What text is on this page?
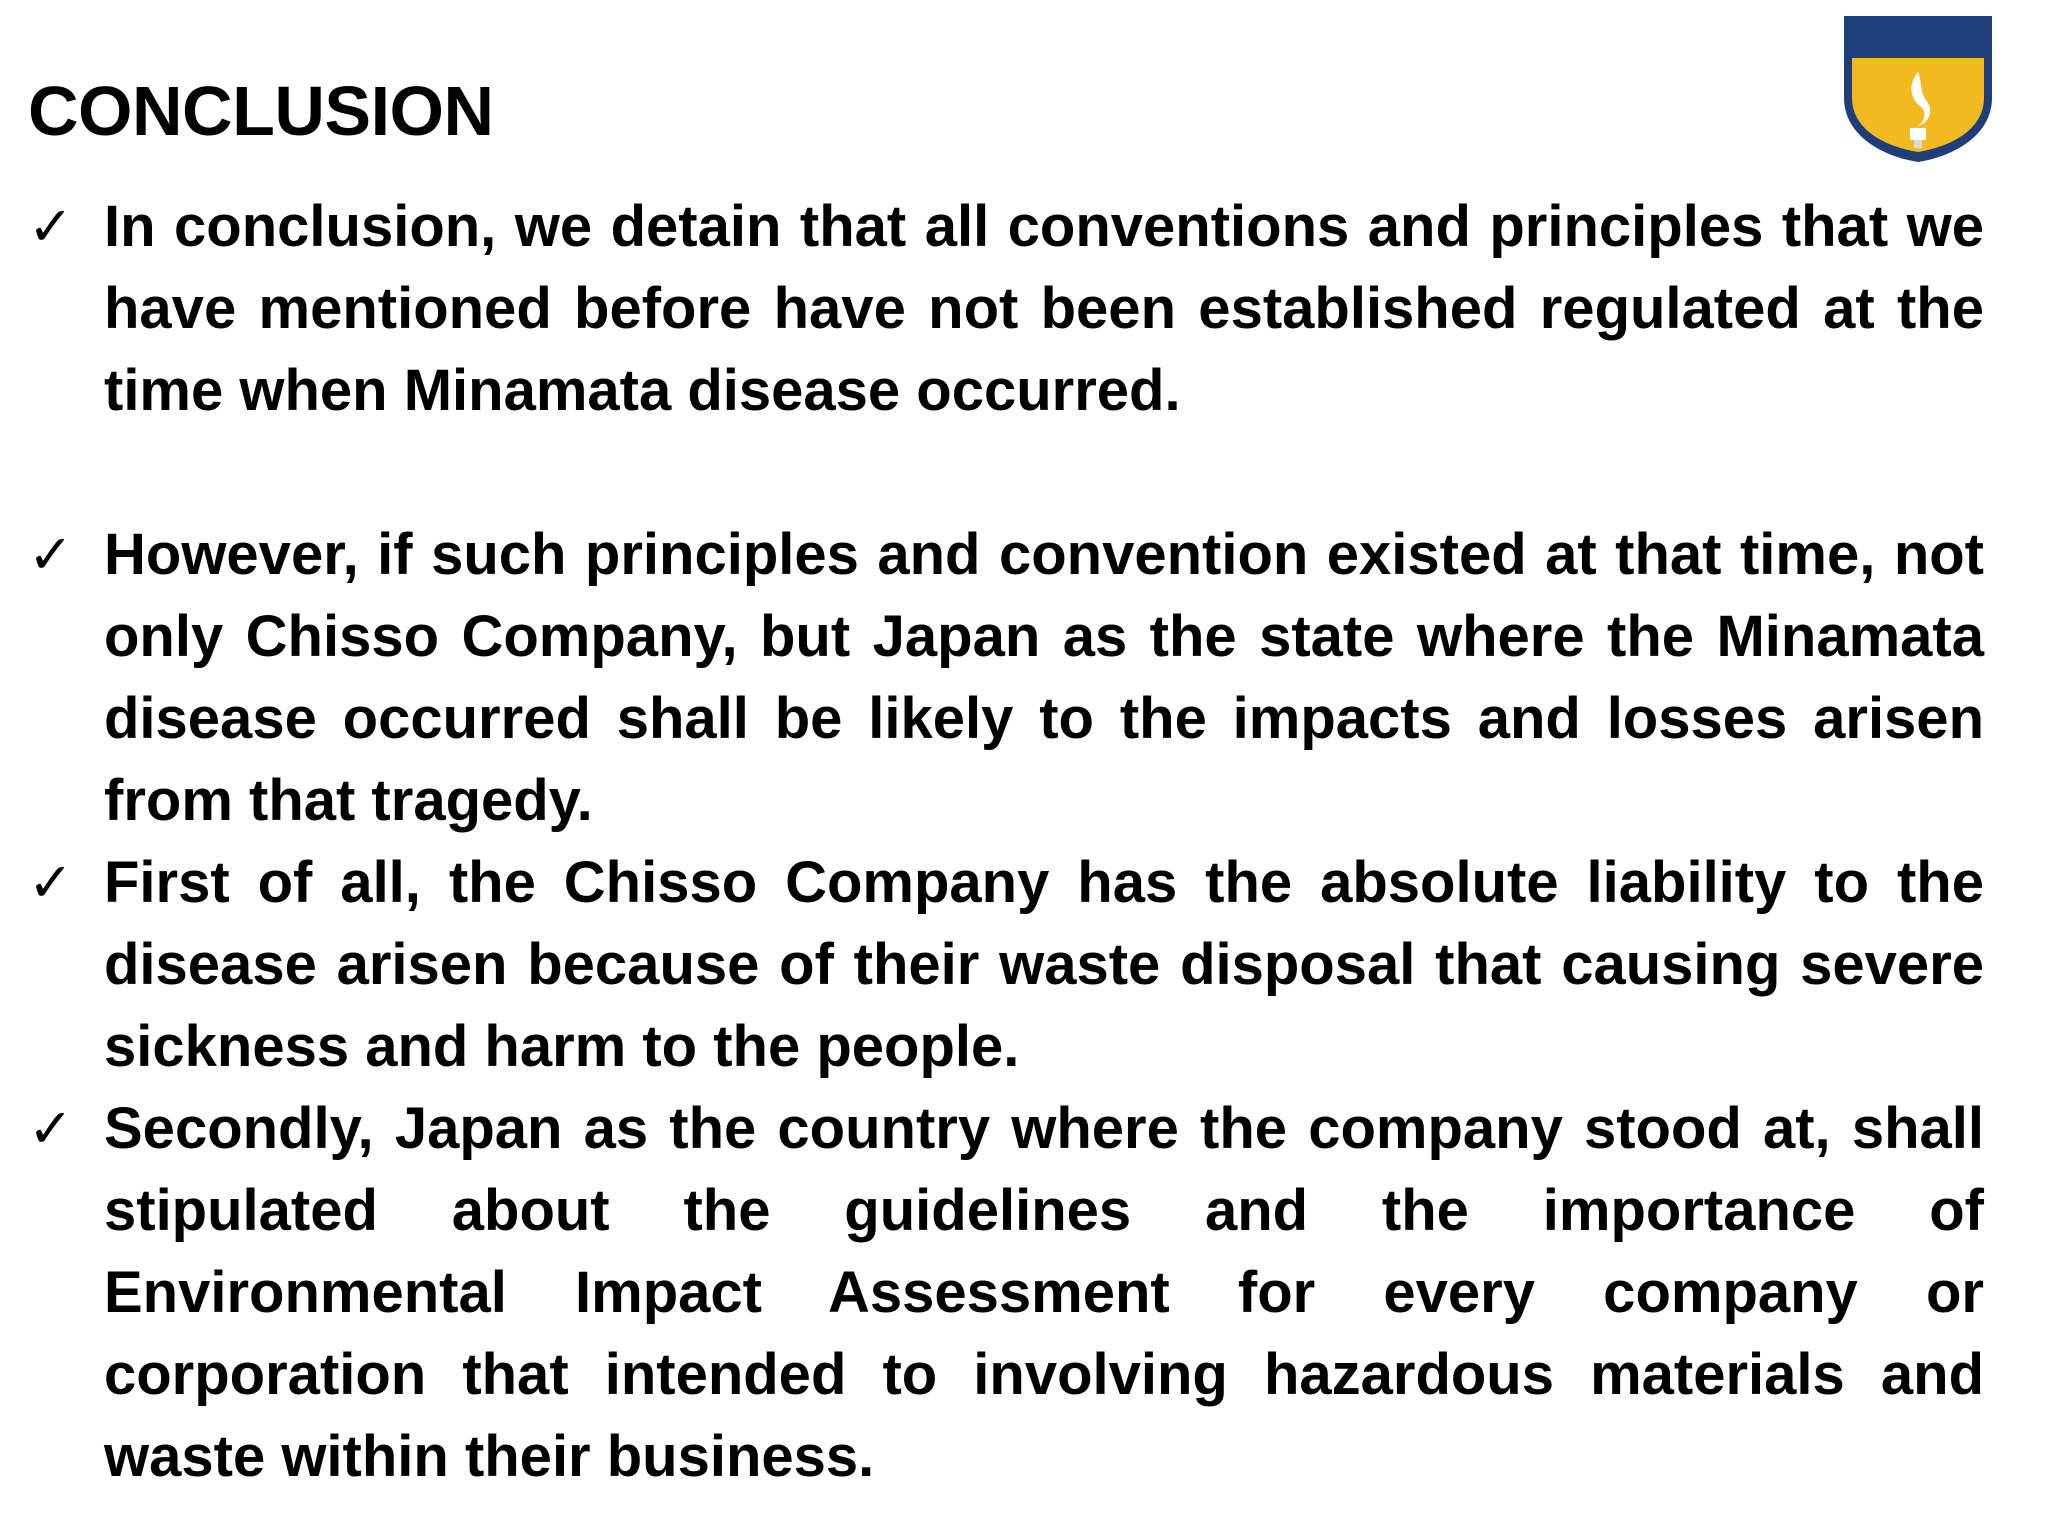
CONCLUSION
✓ In conclusion, we detain that all conventions and principles that we have mentioned before have not been established regulated at the time when Minamata disease occurred.
✓ However, if such principles and convention existed at that time, not only Chisso Company, but Japan as the state where the Minamata disease occurred shall be likely to the impacts and losses arisen from that tragedy.
✓ First of all, the Chisso Company has the absolute liability to the disease arisen because of their waste disposal that causing severe sickness and harm to the people.
✓ Secondly, Japan as the country where the company stood at, shall stipulated about the guidelines and the importance of Environmental Impact Assessment for every company or corporation that intended to involving hazardous materials and waste within their business.
